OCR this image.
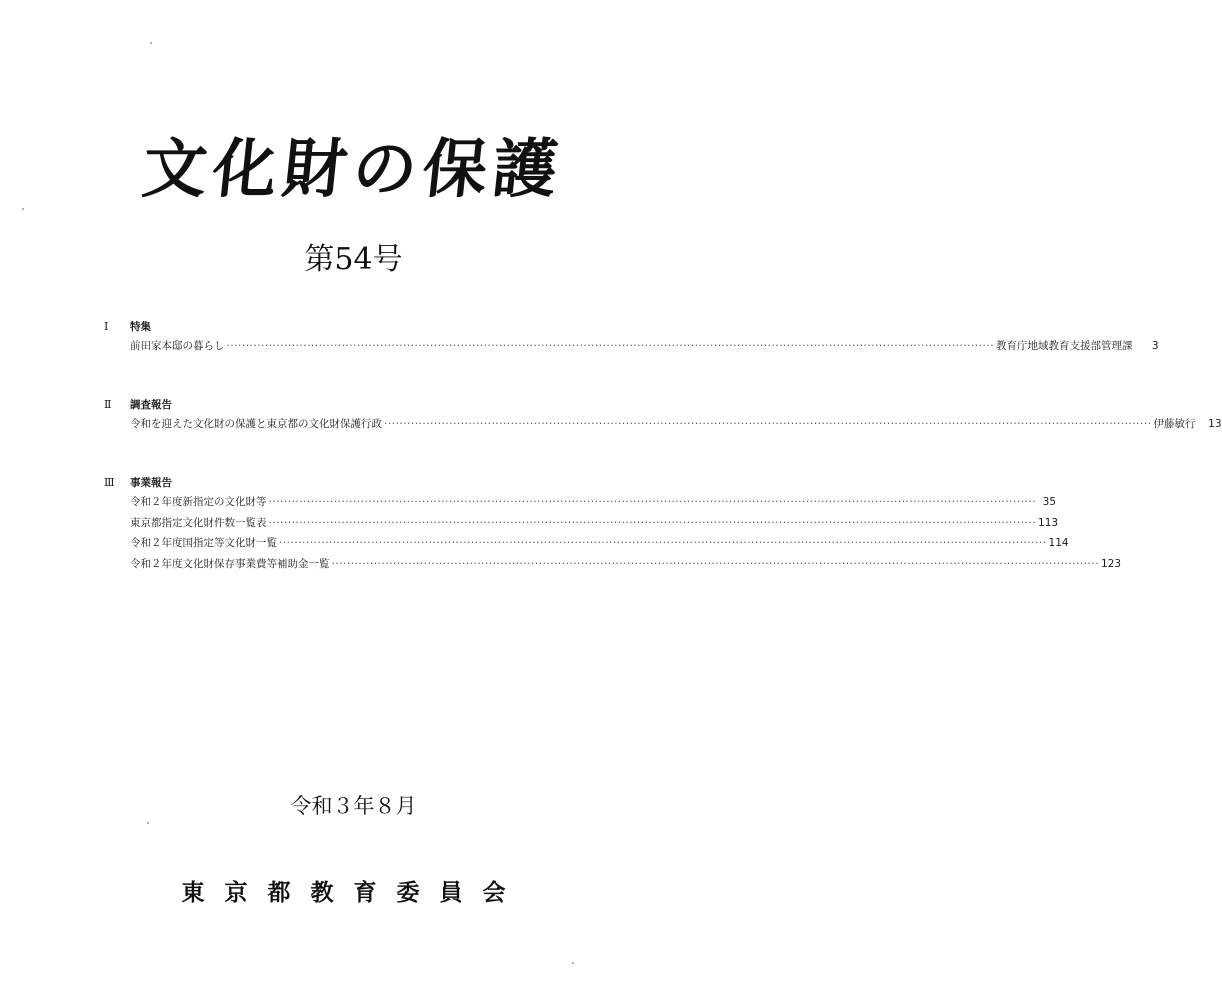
文化財の保護
第54号
Ⅰ	特集
前田家本邸の暮らし ········································································································································································································ 教育庁地域教育支援部管理課	3
Ⅱ	調査報告
令和を迎えた文化財の保護と東京都の文化財保護行政 ········································································································································································································ 伊藤敏行	13
Ⅲ	事業報告
令和２年度新指定の文化財等 ········································································································································································································ 35
東京都指定文化財件数一覧表 ········································································································································································································ 113
令和２年度国指定等文化財一覧 ········································································································································································································ 114
令和２年度文化財保存事業費等補助金一覧 ········································································································································································································ 123
令和３年８月
東京都教育委員会
